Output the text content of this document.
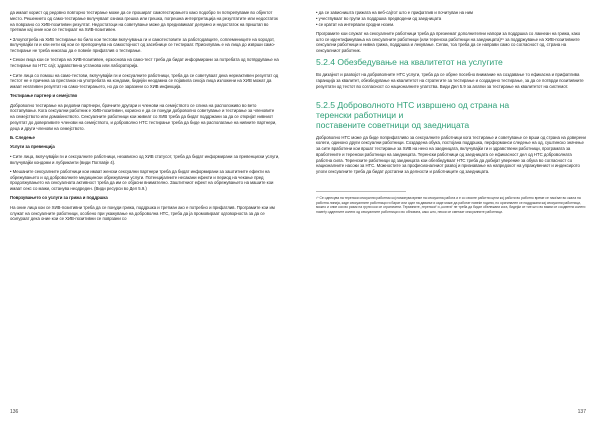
да имаат корист од редовно повторно тестирање може да се прошират самотестирањето како подобро ги поткрепуваме во објектот место. Решението од само-тестирање вклучуваат ознака грешка или грешка, погрешна интерпретација на резултатите или недостаток на поврзано со ХИВ-позитивен резултат. Недостатоци на советување може да предизвикаат делумно и недостаток на приштап во третман кај оние кои се тестираат на ХИВ-позитивен.

• Злоупотреба на ХИВ тестирање во било кои тестови вклучувања ги и самотестовите за работодавците, соплемениците на ѕородот, вклучувајќи ги и кли енти кај кои се препорачува на самостојност од засебнице се тестираат. Присилувањ е на лица до изврши само-тестирање не треба никогаш да е повеќе прифатлив о тестирање.

• Секои лица кои се тестира на ХИВ-позитивен, ерзоснова на само-тест треба да бидат информирани за потребата од потврдување на тестирање во НТС сајт, здравствена установа или лабораторија.

• Сите лица со помош на само-тестови, вклучувајќи ги и сексуалните работници, треба да се советуваат дека нереактивен резултат од тестот не е причина за престанок на употребата на кондоми, бидејќи неодамна се појавила секоја лица изложени на ХИВ можат да имаат негативен резултат на само-тестирањето, но да се заразени со ХИВ инфекција.

Тестирање партнер и семејство

Доброволно тестирање на редовни партнери, брачните другари и членови на семејството се слина на расположиво во вето постапување. Кога сексуални работник е ХИВ-позитивен, корисно е да се понуди доброволно советување и тестирање за членовите на семејството или домаќинството. Сексуалните работници кои живеат со ХИВ треба да бидат поддржани за да се откријат нивниот резултат до доверливите членови на семејството, и доброволно НТС тестирање треба да биде на располагање на нивните партнери, деца и други членови на семејството.

Б. Следење
Услуги за превенција

• Сите лица, вклучувајќи ги и сексуалните работници, независно од ХИВ статусот, треба да бидат информирани за превенциски услуги, вклучувајќи кондоми и лубриканти (види Поглавје 4).

• Мешаните сексуалните работници кои имаат женски сексуални партнери треба да бидат информирани за заштитните ефекти на обрежувањето и од доброволните медицински обрежувачки услуги. Потенцијалните несакани ефекти и период на чекање пред продолжувањето на сексуалната активност треба да им се објасни внимателно. Заштитниот ефект на обрежувањето на машите кои имаат секс со мажи, останува неодреден. (Види ресурси во Дел 5.9.)

Поврзувањето со услуги за грижа и поддршка

На оние лица кои се ХИВ-позитивни треба да се понуди грижа, поддршка и третман ако е потребно и прифатлив. Програмите кои им служат на сексуалните работници, особено при укажување на доброволна НТС, треба да ја промовираат одговорноста за да се осигураат дека оние кои се ХИВ-позитивни се поврзани со

• да се зависништа грижата на веб-сајтот што е прифатлив и почитуван на ним

• учествуваат во групи за поддршка предводени од заедницата

• се кратат на интервали сродни нозем.

Програмите кои служат на сексуалните работници треба да презеемат дополнителни напори за поддршка со лакнеан на грижа, како што се идентификувања на сексуалните работници (или теренска работници на заедницата)¹⁹ за поддржување на ХИВ-позитивните сексуални работници и нивна грижа, поддршка и лекување. Сепак, тоа треба да се направи само со согласност од, страна на сексуалниот работник.

5.2.4 Обезбедување на квалитетот на услугите

Во дизајнот и развојот на доброволните НТС услуги, треба да се обрне посебно внимание на создавање то ефикасна и прифатлива гаранција за квалитет, обезбедување на квалитетот на стратегите за тестирање и создадено тестирање, за да се потврди позитивните резултати од тестот во согласност со националните упатства. Види Дел 5.9 за алатки за тестирање на квалитетот на системот.

5.2.5 Доброволното НТС извршено од страна на
теренски работници и
поставените советници од заедницата

Доброволно НТС може да биде поприфатливо за сексуалните работници кога тестирање и советување се врши од страна на доверени колеги, одиноно други сексуални работници. Создадена обука, постојана поддршка, перформанси следење на од, суштинско значење за сите вработени кои вршат тестирање за ХИВ на нено на заедницата, вклучувајќи ги и здравствени работници, програмата за вработените и теренски работници на заедницата. Теренски работници од заедницата се ефикасност дел од НТС доброволната работна сила. Теренските работници од заедницата кои обезбедуваат НТС треба да добијат уверение за обука во согласност со националните насоки за НТС. Можностите за професионалниот развој и признавање на напредокот на упражувениот и индексирото улоги сексуалните треба да бидат достапни за делности и работниците од заедницата.

¹⁹ Се однесува на теренски сексуални работник кој поминува време на сексуална работа и е со своите работни цели кој работи во работно време се наоѓаат во скала на работна линија, каде сексуалните работници ги барат или одат на давање и каде може да работат повеќе години, но оригинален се поддржани кај сексуални работници, можно и оние кои во ризик на групи кои се ограничени. Термините „теренски“ и „колега“ не треба да бидат обележани кога, бидејќи се тие што во вакви се соодветни колеги помеѓу одделните колеги од сексуалните работници и во обновата, како што, некои се сметаат сексуалните работници.
136	137
